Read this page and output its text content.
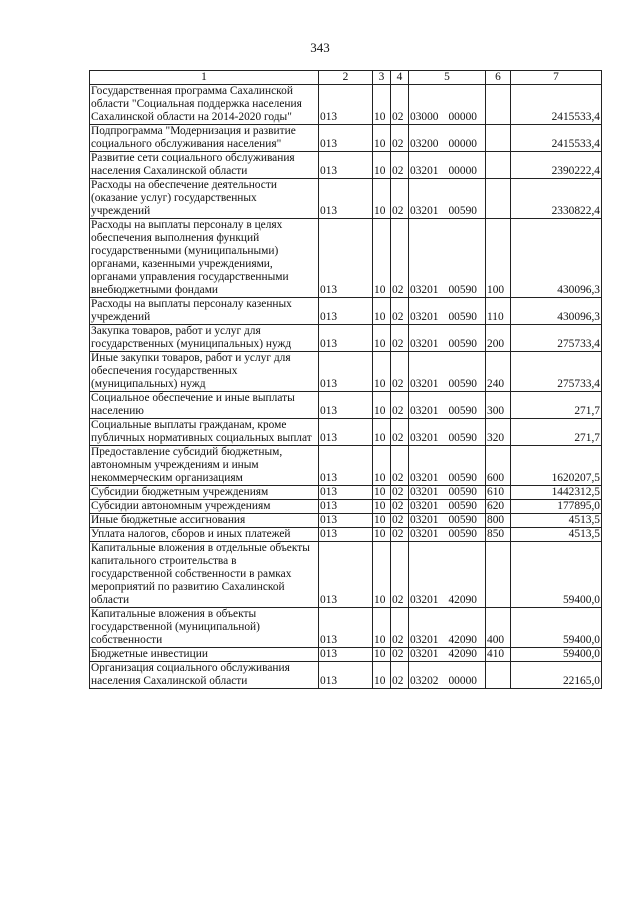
343
1	2	3	4	5	6	7
Государственная программа Сахалинской области "Социальная поддержка населения Сахалинской области на 2014-2020 годы"	013	10	02	03000 00000		2415533,4
Подпрограмма "Модернизация и развитие социального обслуживания населения"	013	10	02	03200 00000		2415533,4
Развитие сети социального обслуживания населения Сахалинской области	013	10	02	03201 00000		2390222,4
Расходы на обеспечение деятельности (оказание услуг) государственных учреждений	013	10	02	03201 00590		2330822,4
Расходы на выплаты персоналу в целях обеспечения выполнения функций государственными (муниципальными) органами, казенными учреждениями, органами управления государственными внебюджетными фондами	013	10	02	03201 00590	100	430096,3
Расходы на выплаты персоналу казенных учреждений	013	10	02	03201 00590	110	430096,3
Закупка товаров, работ и услуг для государственных (муниципальных) нужд	013	10	02	03201 00590	200	275733,4
Иные закупки товаров, работ и услуг для обеспечения государственных (муниципальных) нужд	013	10	02	03201 00590	240	275733,4
Социальное обеспечение и иные выплаты населению	013	10	02	03201 00590	300	271,7
Социальные выплаты гражданам, кроме публичных нормативных социальных выплат	013	10	02	03201 00590	320	271,7
Предоставление субсидий бюджетным, автономным учреждениям и иным некоммерческим организациям	013	10	02	03201 00590	600	1620207,5
Субсидии бюджетным учреждениям	013	10	02	03201 00590	610	1442312,5
Субсидии автономным учреждениям	013	10	02	03201 00590	620	177895,0
Иные бюджетные ассигнования	013	10	02	03201 00590	800	4513,5
Уплата налогов, сборов и иных платежей	013	10	02	03201 00590	850	4513,5
Капитальные вложения в отдельные объекты капитального строительства в государственной собственности в рамках мероприятий по развитию Сахалинской области	013	10	02	03201 42090		59400,0
Капитальные вложения в объекты государственной (муниципальной) собственности	013	10	02	03201 42090	400	59400,0
Бюджетные инвестиции	013	10	02	03201 42090	410	59400,0
Организация социального обслуживания населения Сахалинской области	013	10	02	03202 00000		22165,0
